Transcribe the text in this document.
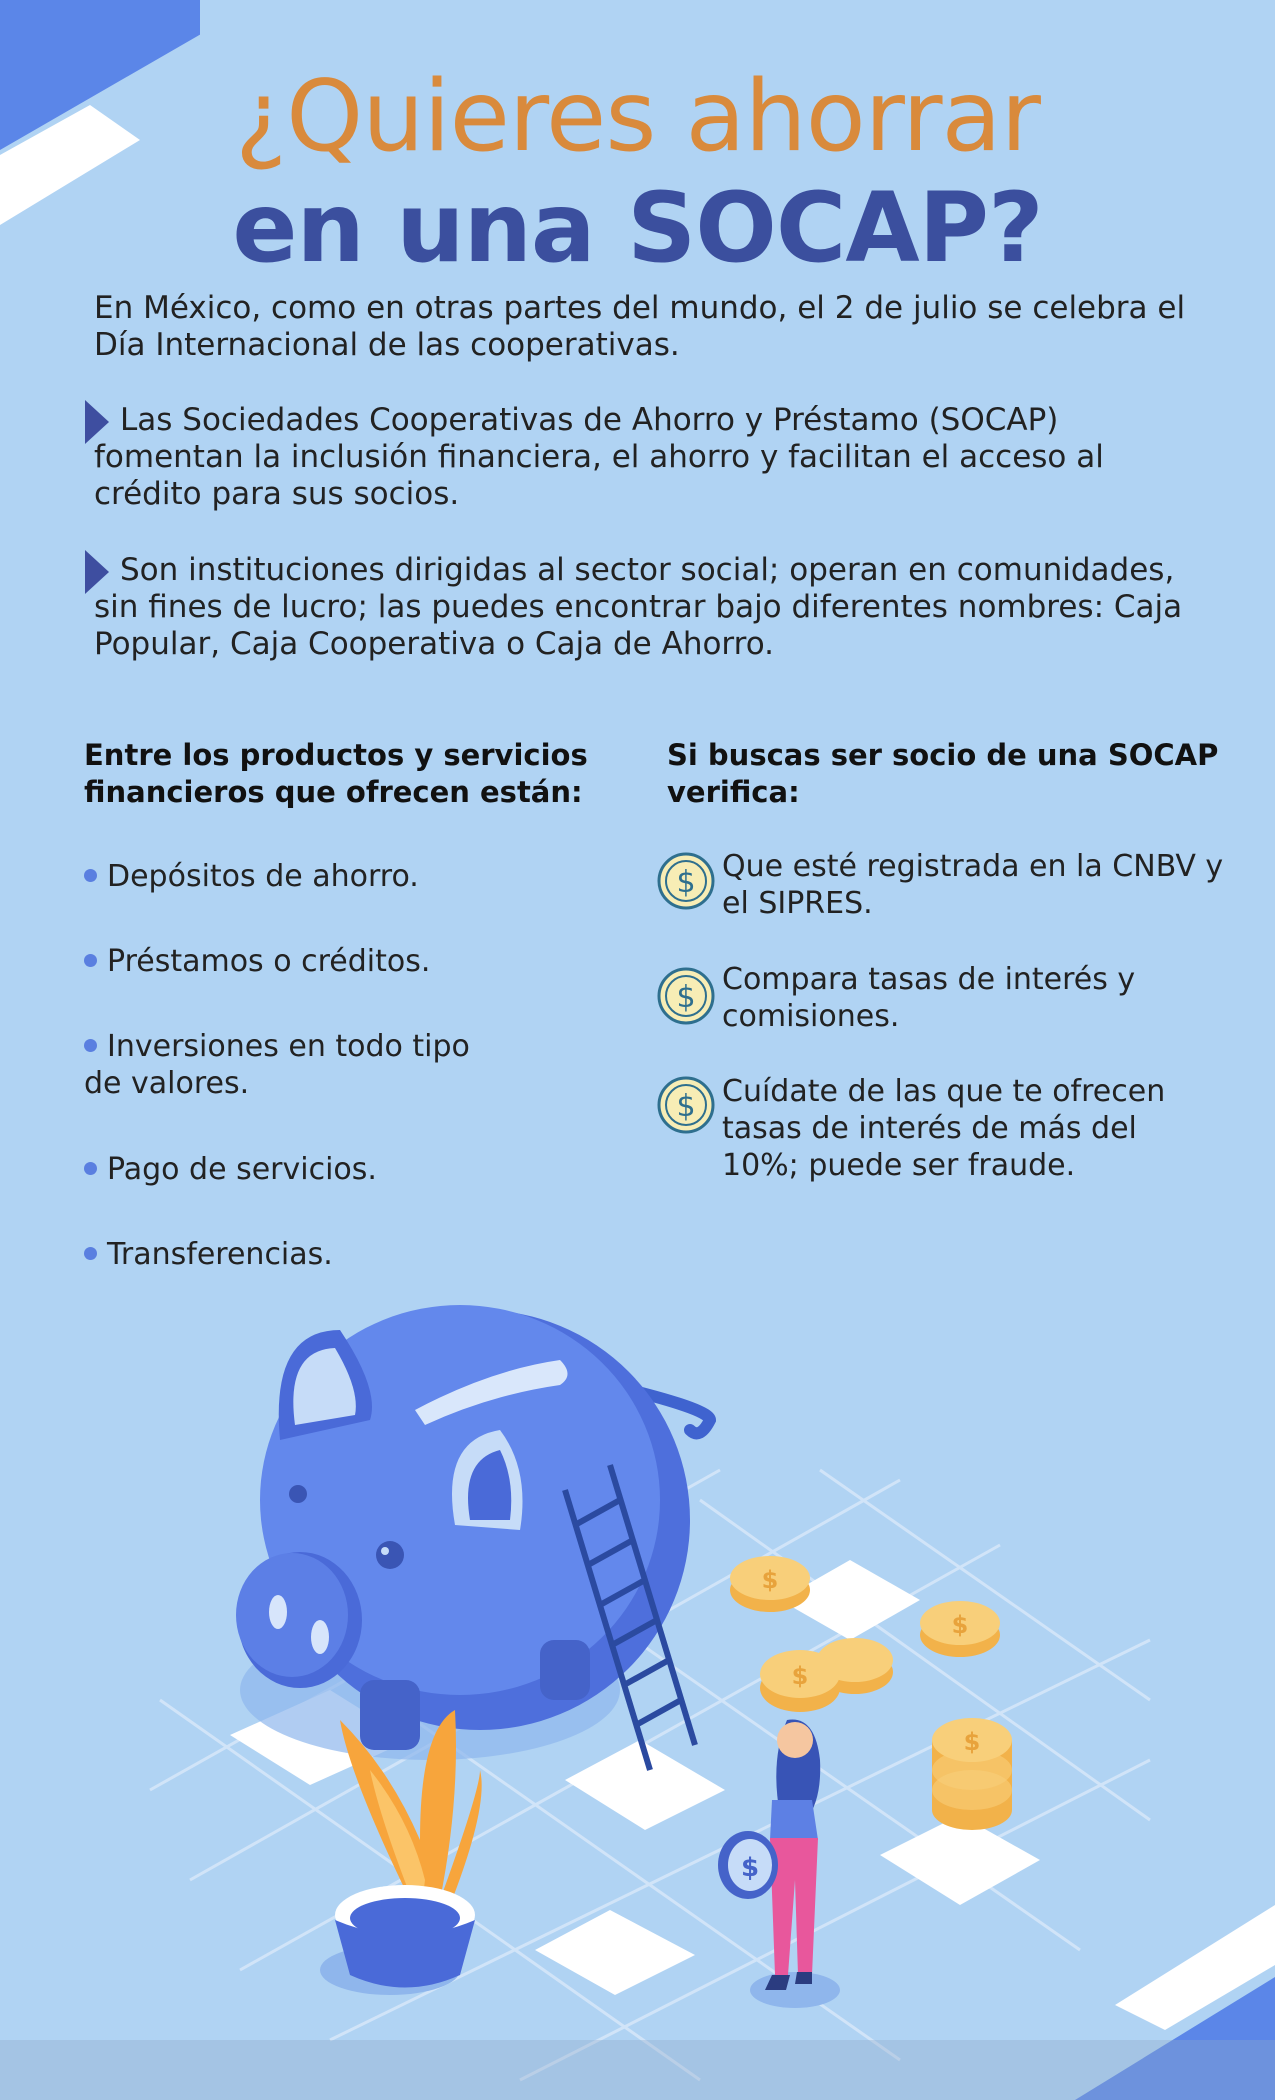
¿Quieres ahorrar
en una SOCAP?
En México, como en otras partes del mundo, el 2 de julio se celebra el Día Internacional de las cooperativas.
Las Sociedades Cooperativas de Ahorro y Préstamo (SOCAP) fomentan la inclusión financiera, el ahorro y facilitan el acceso al crédito para sus socios.
Son instituciones dirigidas al sector social; operan en comunidades, sin fines de lucro; las puedes encontrar bajo diferentes nombres: Caja Popular, Caja Cooperativa o Caja de Ahorro.
Entre los productos y servicios financieros que ofrecen están:
Depósitos de ahorro.
Préstamos o créditos.
Inversiones en todo tipo de valores.
Pago de servicios.
Transferencias.
Si buscas ser socio de una SOCAP verifica:
$ Que esté registrada en la CNBV y el SIPRES.
$
Compara tasas de interés y comisiones.
$ Cuídate de las que te ofrecen tasas de interés de más del 10%; puede ser fraude.
$
$
$
$
$
